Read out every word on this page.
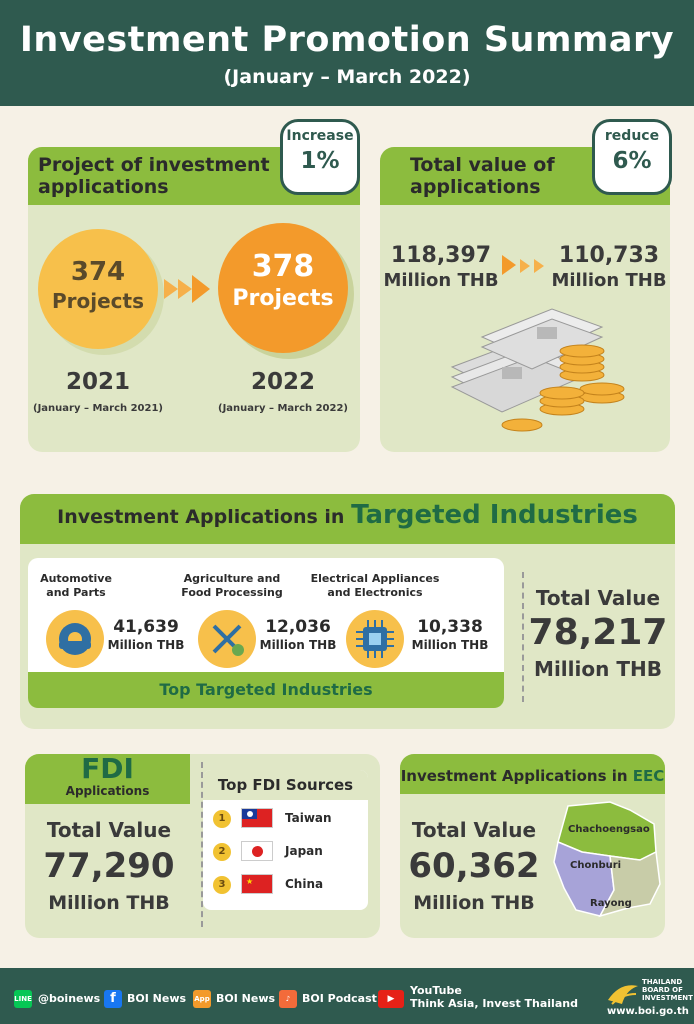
Investment Promotion Summary
(January – March 2022)
Project of investment
applications
Increase
1%
374
Projects
378
Projects
2021
(January – March 2021)
2022
(January – March 2022)
Total value of
applications
reduce
6%
118,397
Million THB
110,733
Million THB
Investment Applications in Targeted Industries
Automotive
and Parts
41,639
Million THB
Agriculture and
Food Processing
12,036
Million THB
Electrical Appliances
and Electronics
10,338
Million THB
Top Targeted Industries
Total Value
78,217
Million THB
FDI
Applications
Total Value
77,290
Million THB
Top FDI Sources
1	Taiwan
2	Japan
3	★	China
Investment Applications in EEC
Total Value
60,362
Million THB
Chachoengsao
Chonburi
Rayong
LINE @boinews f	BOI News App BOI News	♪	BOI Podcast	▶
YouTube
Think Asia, Invest Thailand
THAILAND
BOARD OF
INVESTMENT
www.boi.go.th
